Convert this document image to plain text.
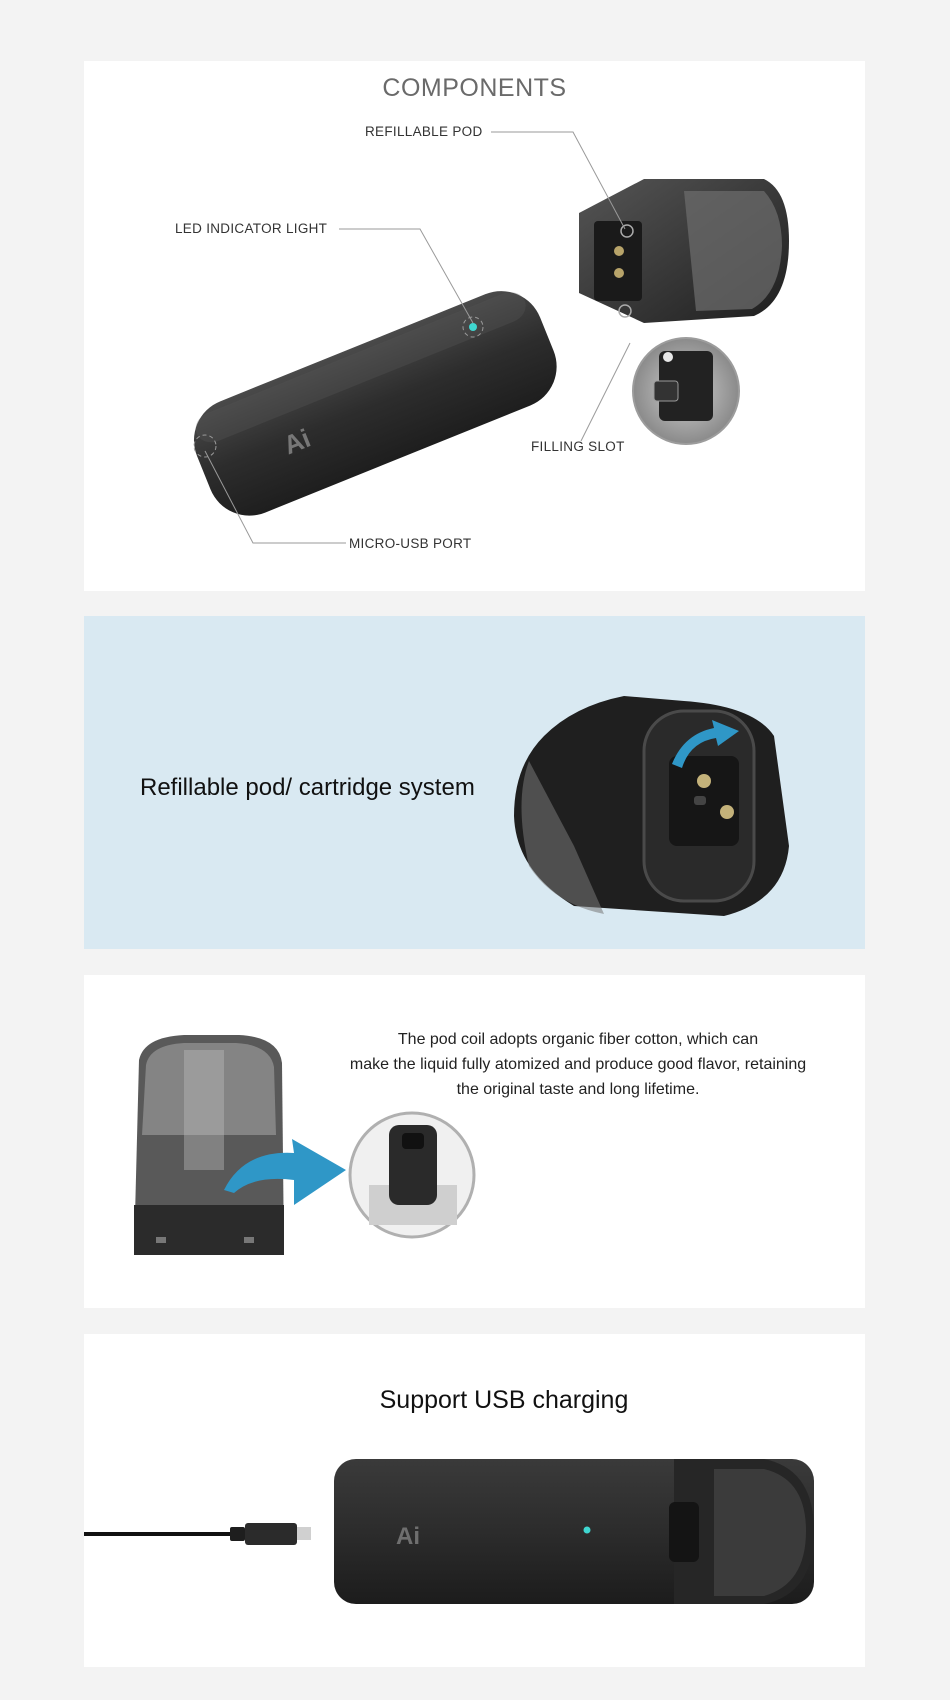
COMPONENTS
Ai
REFILLABLE POD
LED INDICATOR LIGHT
FILLING SLOT
MICRO-USB PORT
Refillable pod/ cartridge system
The pod coil adopts organic fiber cotton, which can
make the liquid fully atomized and produce good flavor, retaining
the original taste and long lifetime.
Support USB charging
Ai
